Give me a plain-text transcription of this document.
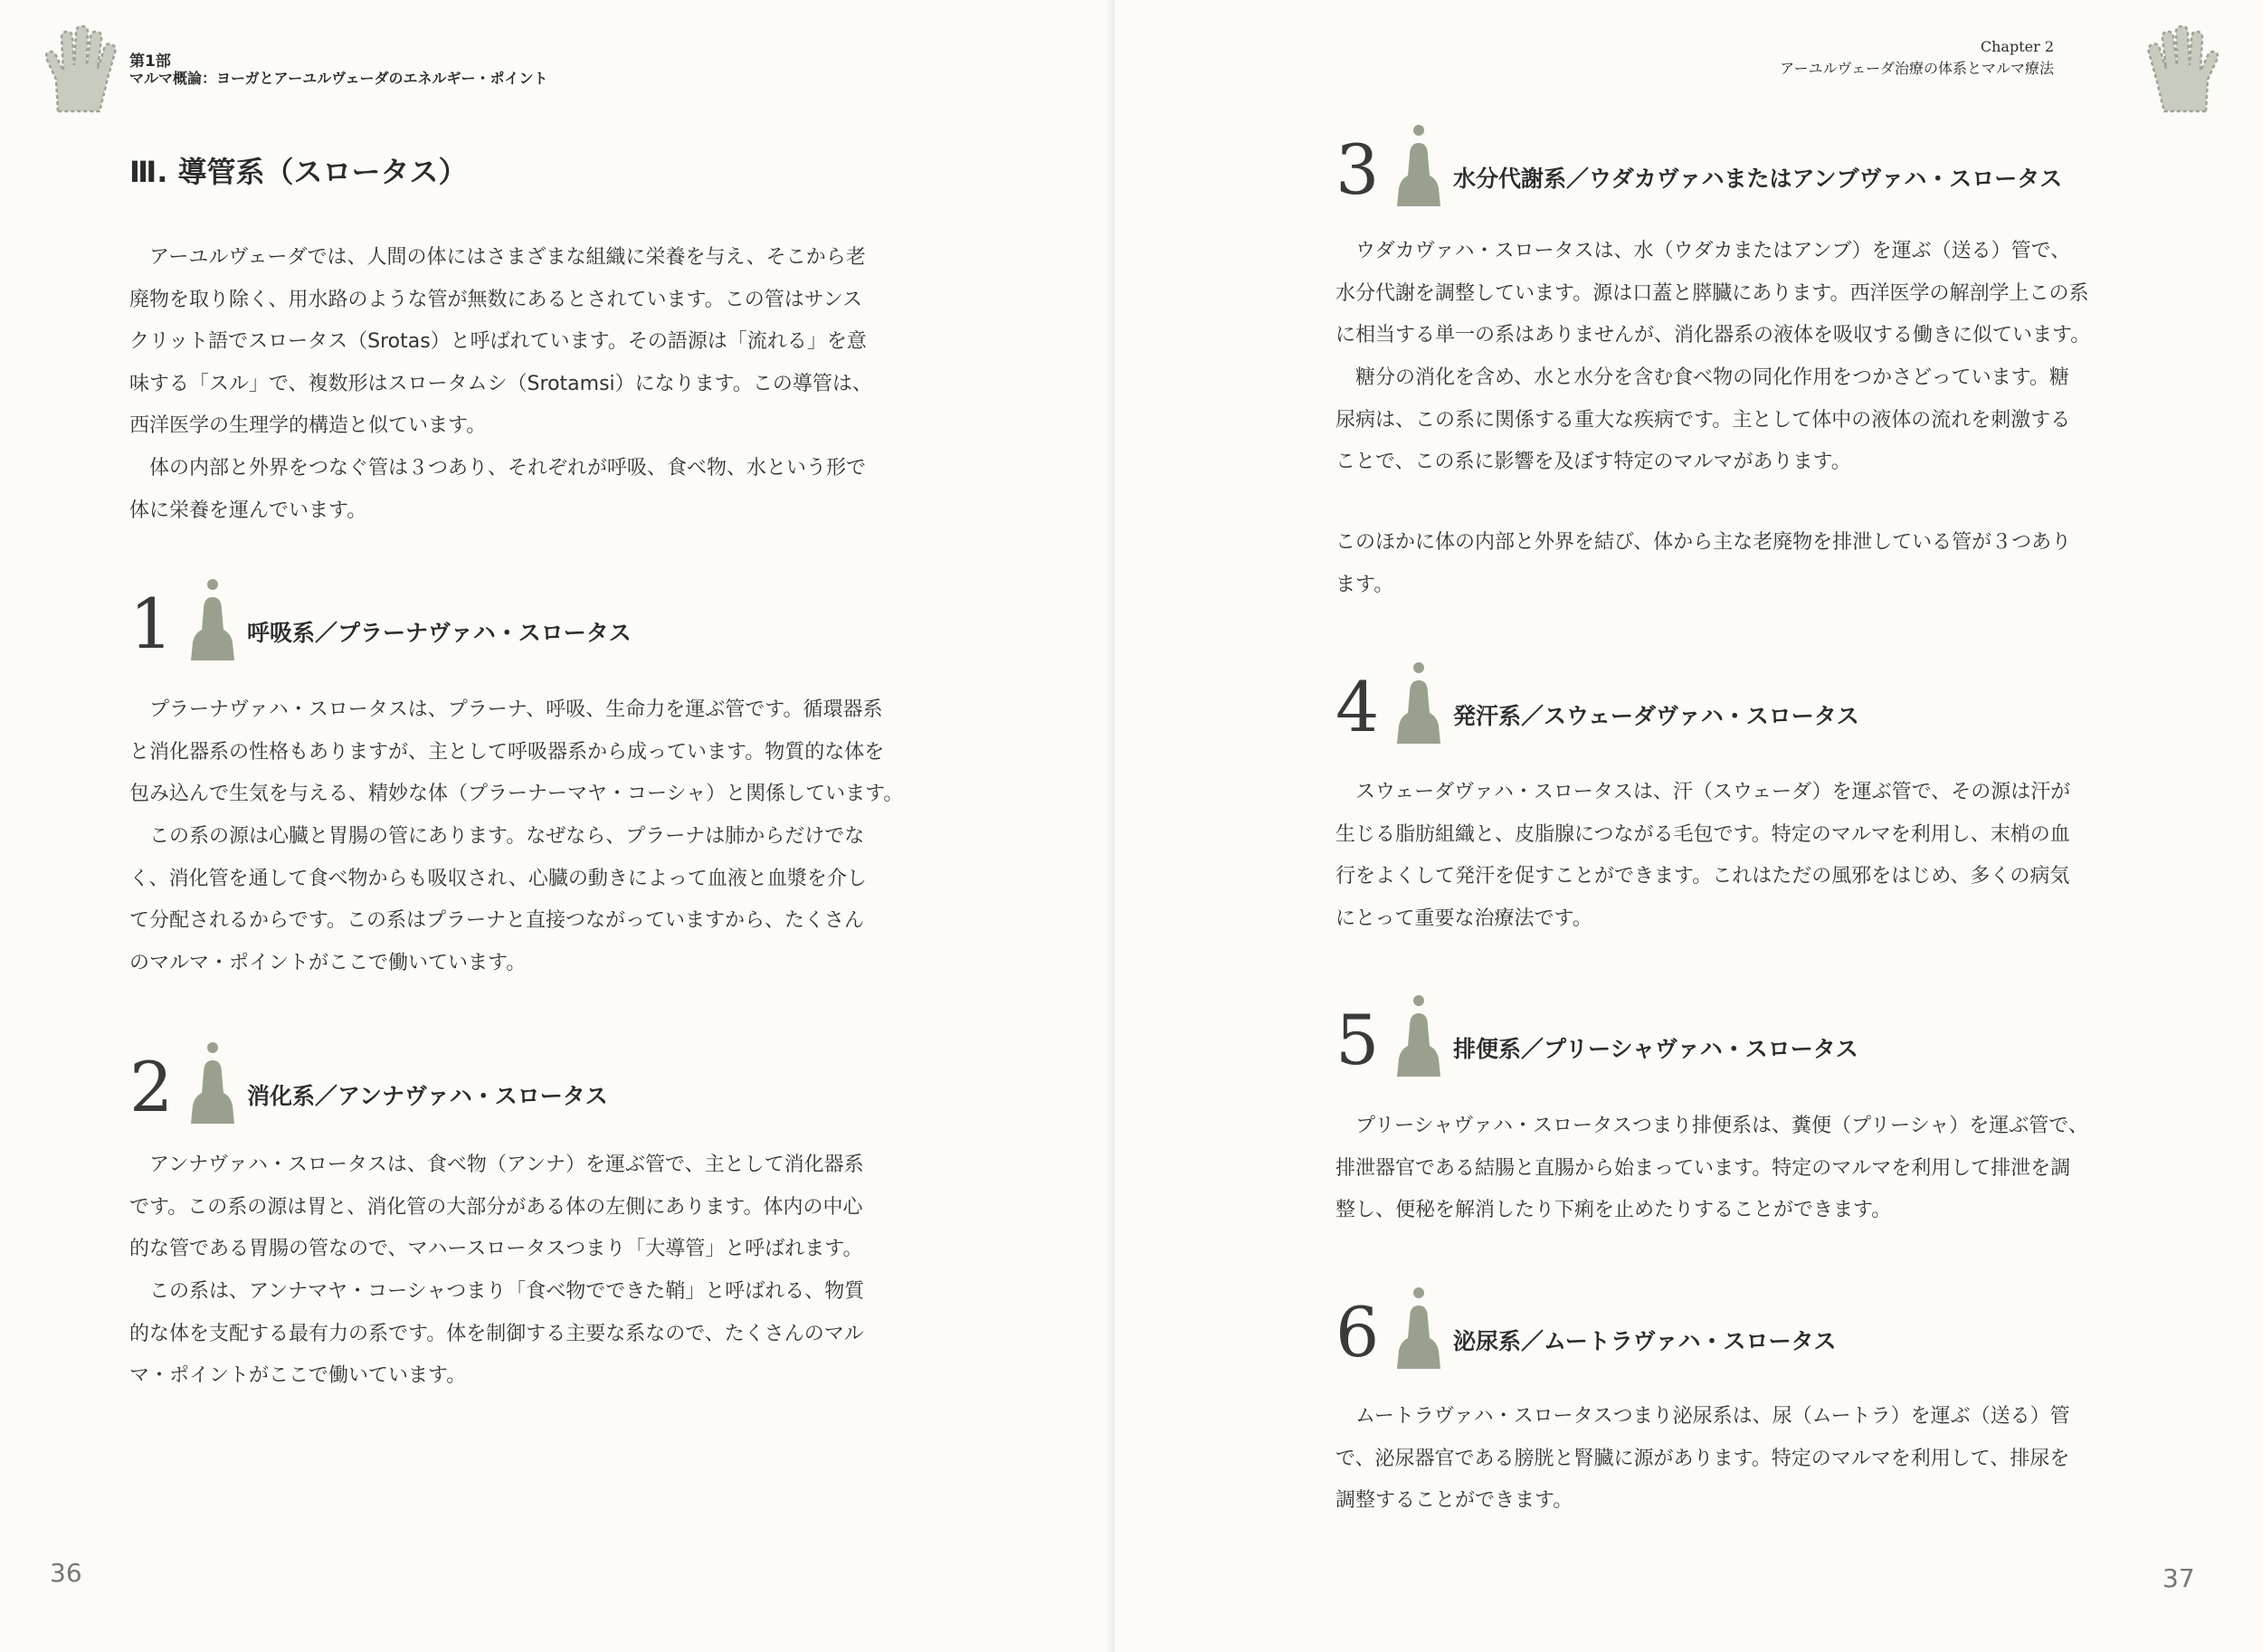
第1部
マルマ概論：ヨーガとアーユルヴェーダのエネルギー・ポイント
Ⅲ. 導管系（スロータス）
アーユルヴェーダでは、人間の体にはさまざまな組織に栄養を与え、そこから老
廃物を取り除く、用水路のような管が無数にあるとされています。この管はサンス
クリット語でスロータス（Srotas）と呼ばれています。その語源は「流れる」を意
味する「スル」で、複数形はスロータムシ（Srotamsi）になります。この導管は、
西洋医学の生理学的構造と似ています。
体の内部と外界をつなぐ管は３つあり、それぞれが呼吸、食べ物、水という形で
体に栄養を運んでいます。
1	呼吸系／プラーナヴァハ・スロータス
プラーナヴァハ・スロータスは、プラーナ、呼吸、生命力を運ぶ管です。循環器系
と消化器系の性格もありますが、主として呼吸器系から成っています。物質的な体を
包み込んで生気を与える、精妙な体（プラーナーマヤ・コーシャ）と関係しています。
この系の源は心臓と胃腸の管にあります。なぜなら、プラーナは肺からだけでな
く、消化管を通して食べ物からも吸収され、心臓の動きによって血液と血漿を介し
て分配されるからです。この系はプラーナと直接つながっていますから、たくさん
のマルマ・ポイントがここで働いています。
2	消化系／アンナヴァハ・スロータス
アンナヴァハ・スロータスは、食べ物（アンナ）を運ぶ管で、主として消化器系
です。この系の源は胃と、消化管の大部分がある体の左側にあります。体内の中心
的な管である胃腸の管なので、マハースロータスつまり「大導管」と呼ばれます。
この系は、アンナマヤ・コーシャつまり「食べ物でできた鞘」と呼ばれる、物質
的な体を支配する最有力の系です。体を制御する主要な系なので、たくさんのマル
マ・ポイントがここで働いています。
36
Chapter 2
アーユルヴェーダ治療の体系とマルマ療法
3	水分代謝系／ウダカヴァハまたはアンブヴァハ・スロータス
ウダカヴァハ・スロータスは、水（ウダカまたはアンブ）を運ぶ（送る）管で、
水分代謝を調整しています。源は口蓋と膵臓にあります。西洋医学の解剖学上この系
に相当する単一の系はありませんが、消化器系の液体を吸収する働きに似ています。
糖分の消化を含め、水と水分を含む食べ物の同化作用をつかさどっています。糖
尿病は、この系に関係する重大な疾病です。主として体中の液体の流れを刺激する
ことで、この系に影響を及ぼす特定のマルマがあります。
このほかに体の内部と外界を結び、体から主な老廃物を排泄している管が３つあり
ます。
4	発汗系／スウェーダヴァハ・スロータス
スウェーダヴァハ・スロータスは、汗（スウェーダ）を運ぶ管で、その源は汗が
生じる脂肪組織と、皮脂腺につながる毛包です。特定のマルマを利用し、末梢の血
行をよくして発汗を促すことができます。これはただの風邪をはじめ、多くの病気
にとって重要な治療法です。
5	排便系／プリーシャヴァハ・スロータス
プリーシャヴァハ・スロータスつまり排便系は、糞便（プリーシャ）を運ぶ管で、
排泄器官である結腸と直腸から始まっています。特定のマルマを利用して排泄を調
整し、便秘を解消したり下痢を止めたりすることができます。
6	泌尿系／ムートラヴァハ・スロータス
ムートラヴァハ・スロータスつまり泌尿系は、尿（ムートラ）を運ぶ（送る）管
で、泌尿器官である膀胱と腎臓に源があります。特定のマルマを利用して、排尿を
調整することができます。
37
